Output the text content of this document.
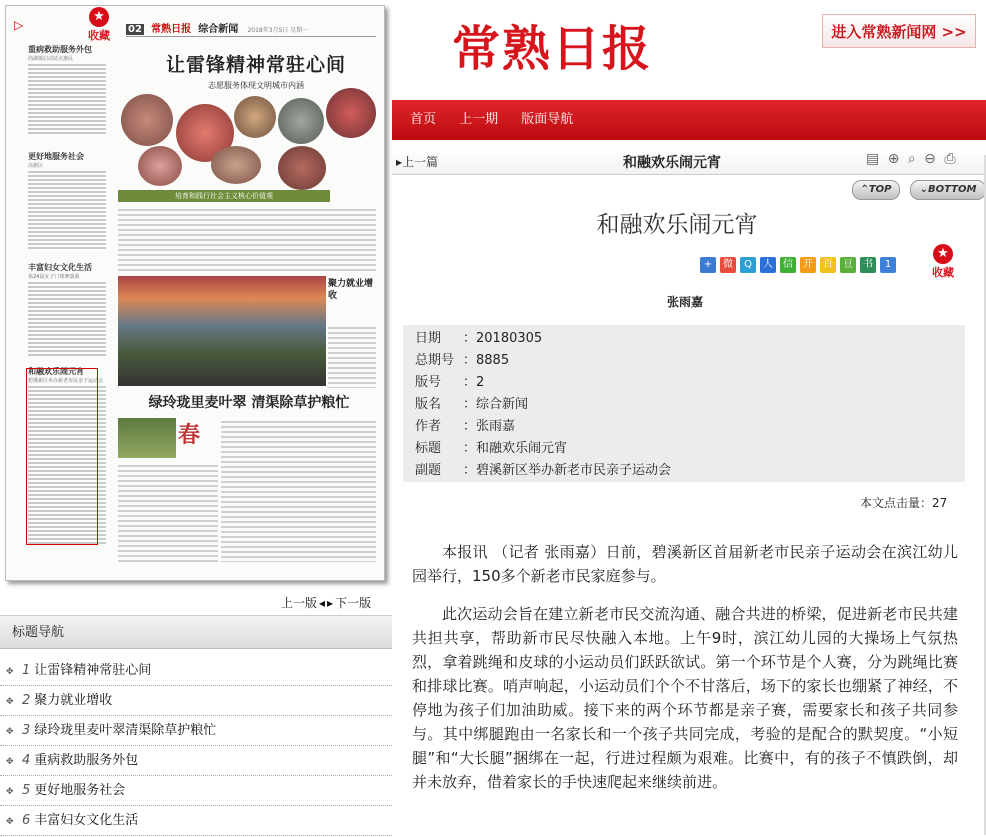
▷
★
收藏 02 常熟日报 综合新闻 2018年3月5日 星期一
重病救助服务外包
尚湖镇启动试点惠民
更好地服务社会
高新区
丰富妇女文化生活
第24届女子门球赛落幕
和融欢乐闹元宵
碧溪新区举办新老市民亲子运动会
让雷锋精神常驻心间
志愿服务体现文明城市内涵
培育和践行社会主义核心价值观
聚力就业增收
绿玲珑里麦叶翠 清渠除草护粮忙
春
上一版 ◂ ▸ 下一版
标题导航
✥ 1 让雷锋精神常驻心间
✥ 2 聚力就业增收
✥ 3 绿玲珑里麦叶翠清渠除草护粮忙
✥ 4 重病救助服务外包
✥ 5 更好地服务社会
✥ 6 丰富妇女文化生活
常熟日报	进入常熟新闻网 >>
首页 上一期 版面导航
▸上一篇	和融欢乐闹元宵	▤ ⊕ ⌕ ⊖ ⎙
⌃TOP	⌄BOTTOM
和融欢乐闹元宵
+ 微 Q 人 信 开 百 豆 书 1
★
收藏
张雨嘉
日期 ：20180305
总期号 ：8885
版号 ：2
版名 ：综合新闻
作者 ：张雨嘉
标题 ：和融欢乐闹元宵
副题 ：碧溪新区举办新老市民亲子运动会
本文点击量：27

本报讯 （记者 张雨嘉）日前，碧溪新区首届新老市民亲子运动会在滨江幼儿园举行，150多个新老市民家庭参与。

此次运动会旨在建立新老市民交流沟通、融合共进的桥梁，促进新老市民共建共担共享，帮助新市民尽快融入本地。上午9时，滨江幼儿园的大操场上气氛热烈，拿着跳绳和皮球的小运动员们跃跃欲试。第一个环节是个人赛，分为跳绳比赛和排球比赛。哨声响起，小运动员们个个不甘落后，场下的家长也绷紧了神经，不停地为孩子们加油助威。接下来的两个环节都是亲子赛，需要家长和孩子共同参与。其中绑腿跑由一名家长和一个孩子共同完成，考验的是配合的默契度。“小短腿”和“大长腿”捆绑在一起，行进过程颇为艰难。比赛中，有的孩子不慎跌倒，却并未放弃，借着家长的手快速爬起来继续前进。
